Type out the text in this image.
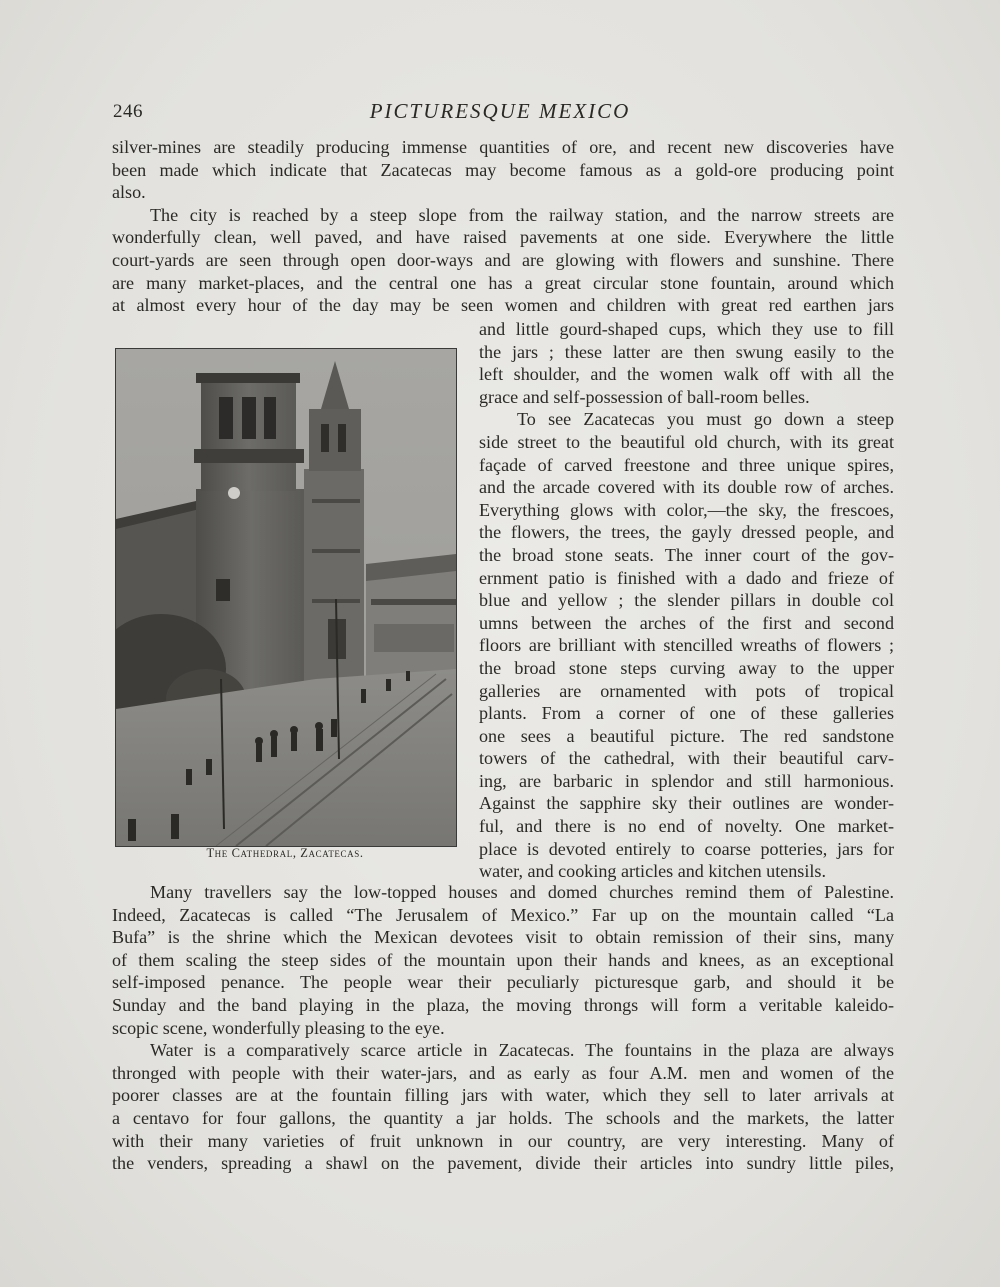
246	PICTURESQUE MEXICO
silver-mines are steadily producing immense quantities of ore, and recent new discoveries have
been made which indicate that Zacatecas may become famous as a gold-ore producing point
also.
The city is reached by a steep slope from the railway station, and the narrow streets are
wonderfully clean, well paved, and have raised pavements at one side. Everywhere the little
court-yards are seen through open door-ways and are glowing with flowers and sunshine. There
are many market-places, and the central one has a great circular stone fountain, around which
at almost every hour of the day may be seen women and children with great red earthen jars
The Cathedral, Zacatecas.
and little gourd-shaped cups, which they use to fill
the jars ; these latter are then swung easily to the
left shoulder, and the women walk off with all the
grace and self-possession of ball-room belles.
To see Zacatecas you must go down a steep
side street to the beautiful old church, with its great
façade of carved freestone and three unique spires,
and the arcade covered with its double row of arches.
Everything glows with color,—the sky, the frescoes,
the flowers, the trees, the gayly dressed people, and
the broad stone seats. The inner court of the gov-
ernment patio is finished with a dado and frieze of
blue and yellow ; the slender pillars in double col
umns between the arches of the first and second
floors are brilliant with stencilled wreaths of flowers ;
the broad stone steps curving away to the upper
galleries are ornamented with pots of tropical
plants. From a corner of one of these galleries
one sees a beautiful picture. The red sandstone
towers of the cathedral, with their beautiful carv-
ing, are barbaric in splendor and still harmonious.
Against the sapphire sky their outlines are wonder-
ful, and there is no end of novelty. One market-
place is devoted entirely to coarse potteries, jars for
water, and cooking articles and kitchen utensils.
Many travellers say the low-topped houses and domed churches remind them of Palestine.
Indeed, Zacatecas is called “The Jerusalem of Mexico.” Far up on the mountain called “La
Bufa” is the shrine which the Mexican devotees visit to obtain remission of their sins, many
of them scaling the steep sides of the mountain upon their hands and knees, as an exceptional
self-imposed penance. The people wear their peculiarly picturesque garb, and should it be
Sunday and the band playing in the plaza, the moving throngs will form a veritable kaleido-
scopic scene, wonderfully pleasing to the eye.
Water is a comparatively scarce article in Zacatecas. The fountains in the plaza are always
thronged with people with their water-jars, and as early as four A.M. men and women of the
poorer classes are at the fountain filling jars with water, which they sell to later arrivals at
a centavo for four gallons, the quantity a jar holds. The schools and the markets, the latter
with their many varieties of fruit unknown in our country, are very interesting. Many of
the venders, spreading a shawl on the pavement, divide their articles into sundry little piles,
